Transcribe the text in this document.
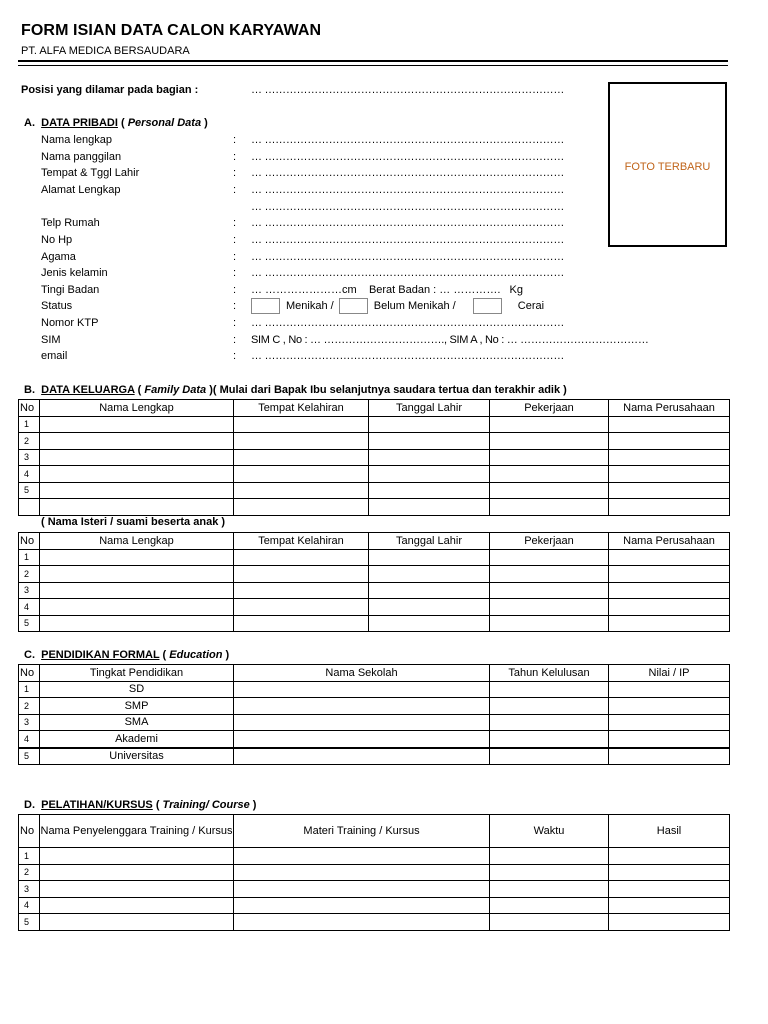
FORM ISIAN DATA CALON KARYAWAN
PT. ALFA MEDICA BERSAUDARA
Posisi yang dilamar pada bagian :	… …………………………………………………………………………
FOTO TERBARU
A. DATA PRIBADI ( Personal Data )
Nama lengkap	: … …………………………………………………………………………
Nama panggilan	: … …………………………………………………………………………
Tempat & Tggl Lahir	: … …………………………………………………………………………
Alamat Lengkap	: … …………………………………………………………………………
… …………………………………………………………………………
Telp Rumah	: … …………………………………………………………………………
No Hp	: … …………………………………………………………………………
Agama	: … …………………………………………………………………………
Jenis kelamin	: … …………………………………………………………………………
Tingi Badan	: … …………………cm    Berat Badan : … ………….   Kg
Status	:	Menikah /	Belum Menikah /	Cerai
Nomor KTP	: … …………………………………………………………………………
SIM	: SIM C , No : … ……………………………., SIM A , No : … ………………………………
email	: … …………………………………………………………………………
B. DATA KELUARGA ( Family Data )( Mulai dari Bapak Ibu selanjutnya saudara tertua dan terakhir adik )
No	Nama Lengkap	Tempat Kelahiran	Tanggal Lahir	Pekerjaan	Nama Perusahaan
1					
2					
3					
4					
5					

( Nama Isteri / suami beserta anak )
No	Nama Lengkap	Tempat Kelahiran	Tanggal Lahir	Pekerjaan	Nama Perusahaan
1					
2					
3					
4					
5					
C. PENDIDIKAN FORMAL ( Education )
No	Tingkat Pendidikan	Nama Sekolah	Tahun Kelulusan	Nilai / IP
1	SD			
2	SMP			
3	SMA			
4	Akademi			
5	Universitas			
D. PELATIHAN/KURSUS ( Training/ Course )
No	Nama Penyelenggara Training / Kursus	Materi Training / Kursus	Waktu	Hasil
1				
2				
3				
4				
5				
